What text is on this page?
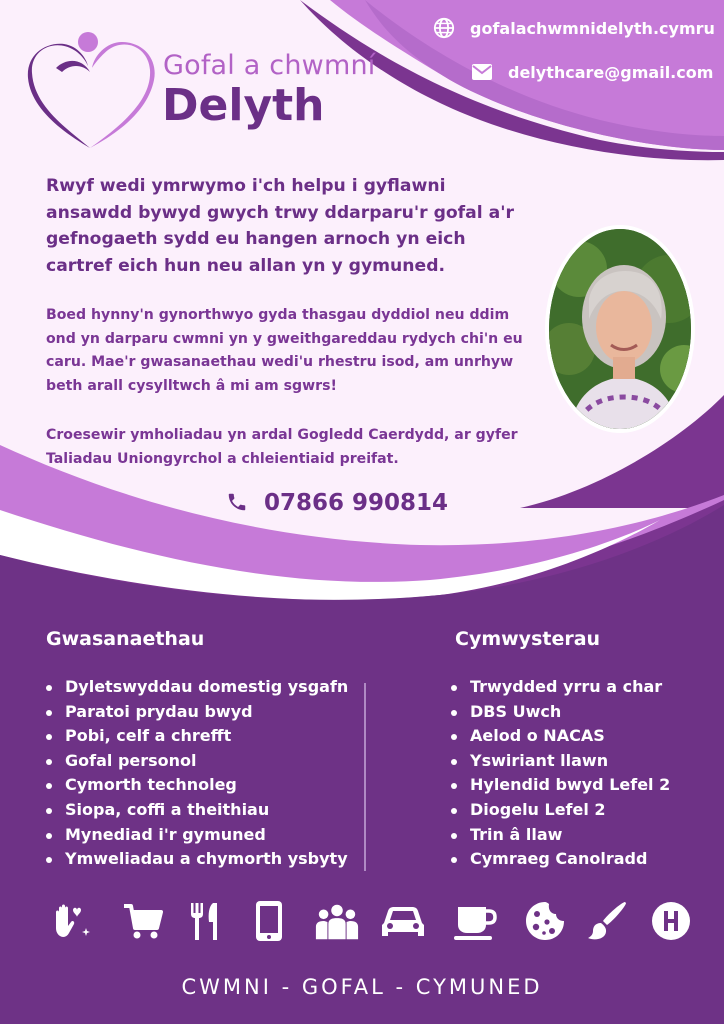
Gofal a chwmní
Delyth
gofalachwmnidelyth.cymru
delythcare@gmail.com
Rwyf wedi ymrwymo i'ch helpu i gyflawni ansawdd bywyd gwych trwy ddarparu'r gofal a'r gefnogaeth sydd eu hangen arnoch yn eich cartref eich hun neu allan yn y gymuned.
Boed hynny'n gynorthwyo gyda thasgau dyddiol neu ddim ond yn darparu cwmni yn y gweithgareddau rydych chi'n eu caru. Mae'r gwasanaethau wedi'u rhestru isod, am unrhyw beth arall cysylltwch â mi am sgwrs!
Croesewir ymholiadau yn ardal Gogledd Caerdydd, ar gyfer Taliadau Uniongyrchol a chleientiaid preifat.
07866 990814
Gwasanaethau	Cymwysterau
Dyletswyddau domestig ysgafn
Paratoi prydau bwyd
Pobi, celf a chrefft
Gofal personol
Cymorth technoleg
Siopa, coffi a theithiau
Mynediad i'r gymuned
Ymweliadau a chymorth ysbyty
Trwydded yrru a char
DBS Uwch
Aelod o NACAS
Yswiriant llawn
Hylendid bwyd Lefel 2
Diogelu Lefel 2
Trin â llaw
Cymraeg Canolradd
CWMNI - GOFAL - CYMUNED
